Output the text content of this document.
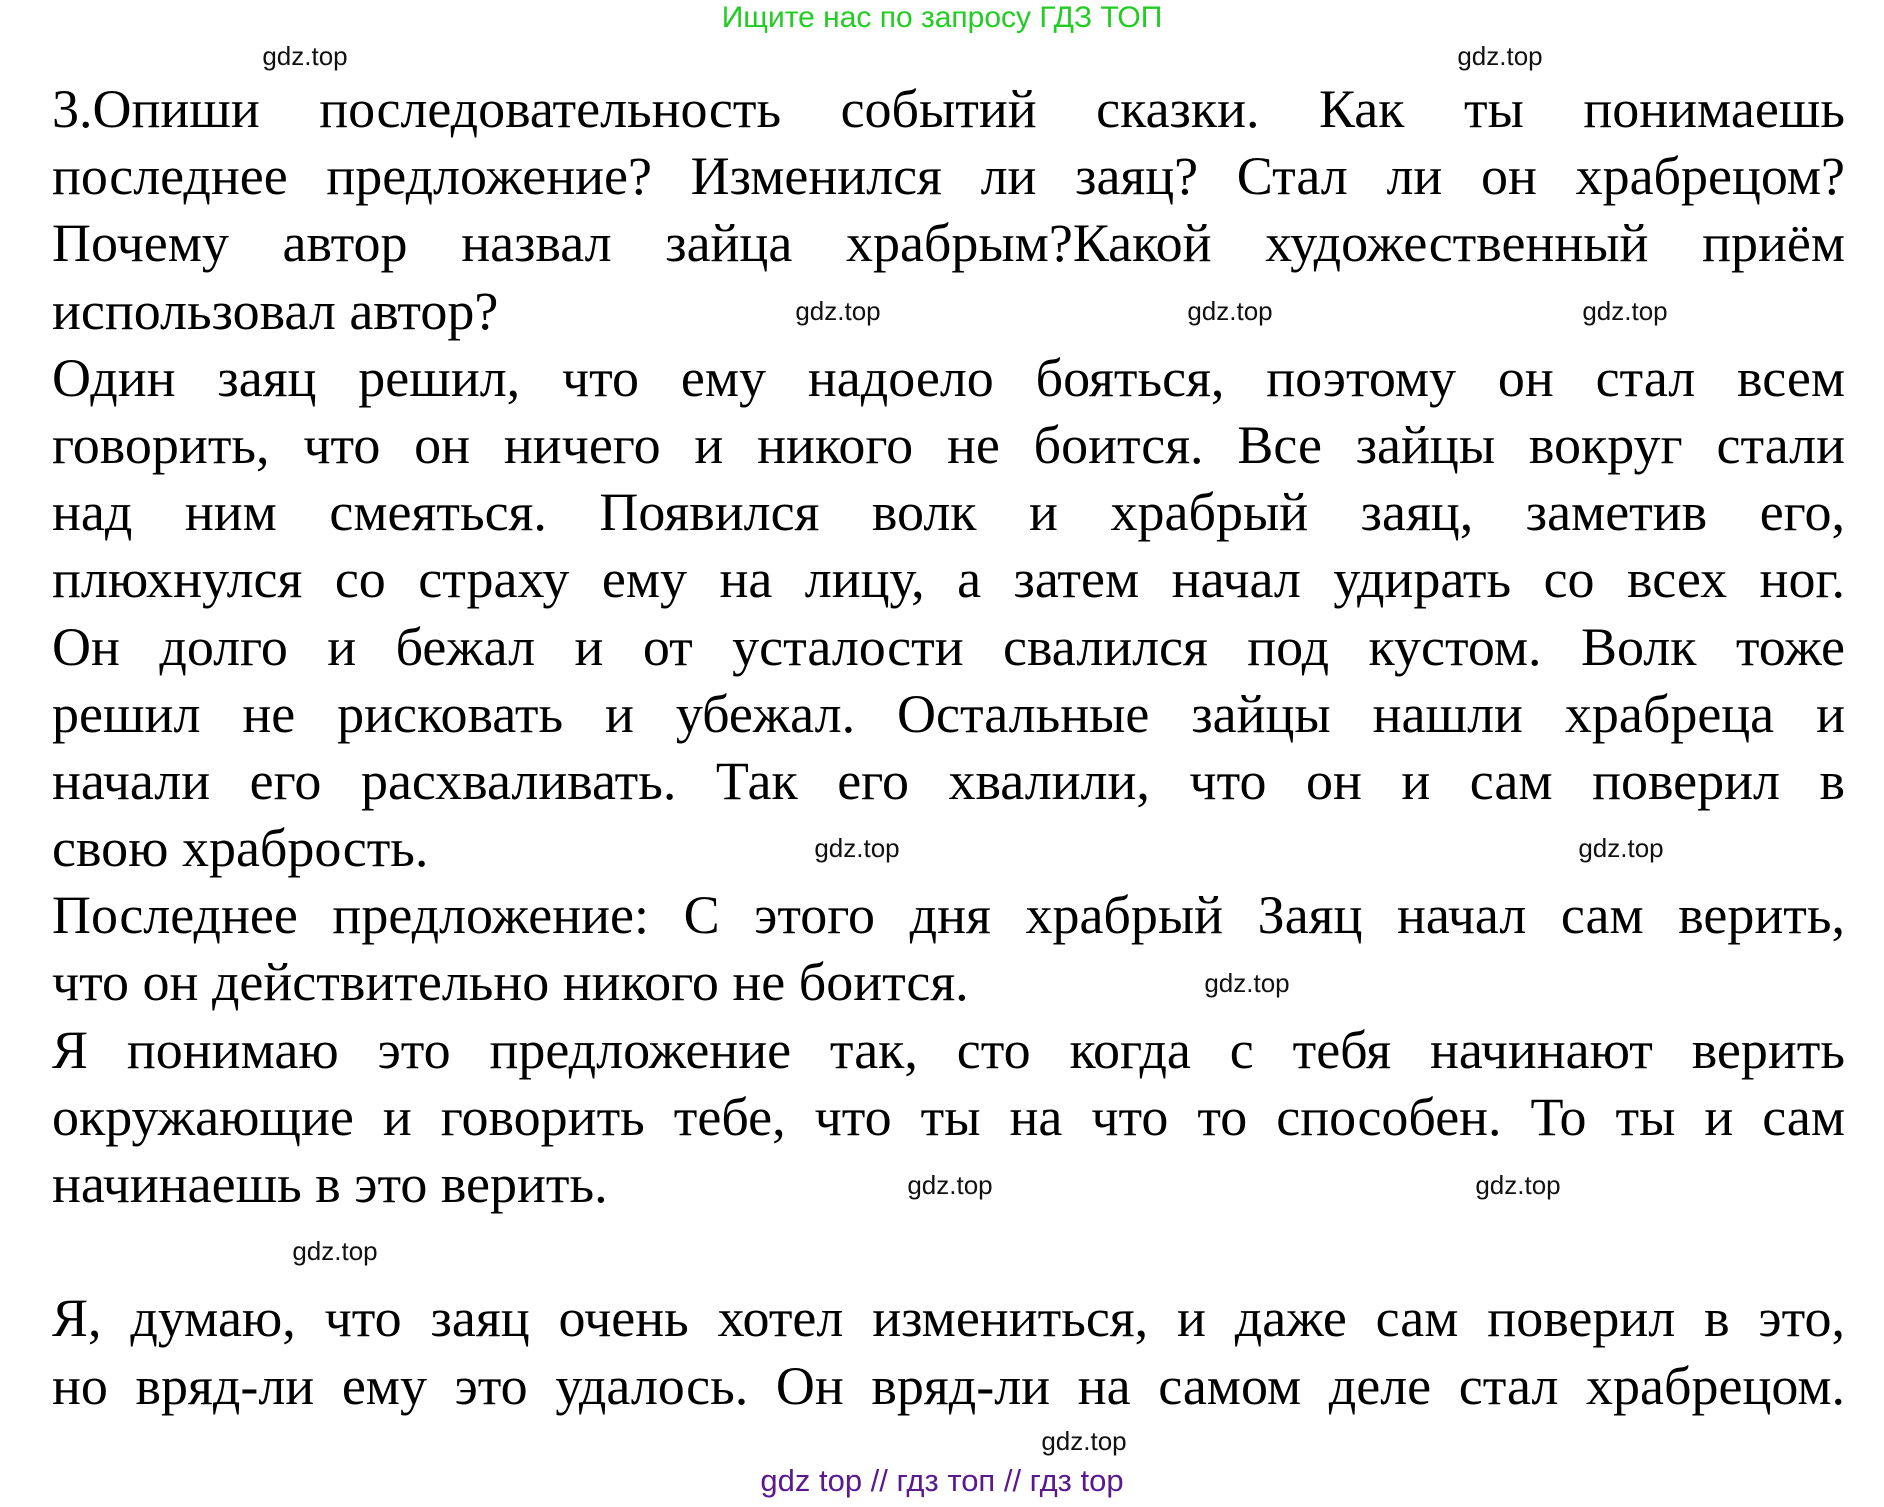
Ищите нас по запросу ГДЗ ТОП
3.Опиши последовательность событий сказки. Как ты понимаешь
последнее предложение? Изменился ли заяц? Стал ли он храбрецом?
Почему автор назвал зайца храбрым?Какой художественный приём
использовал автор?
Один заяц решил, что ему надоело бояться, поэтому он стал всем
говорить, что он ничего и никого не боится. Все зайцы вокруг стали
над ним смеяться. Появился волк и храбрый заяц, заметив его,
плюхнулся со страху ему на лицу, а затем начал удирать со всех ног.
Он долго и бежал и от усталости свалился под кустом. Волк тоже
решил не рисковать и убежал. Остальные зайцы нашли храбреца и
начали его расхваливать. Так его хвалили, что он и сам поверил в
свою храбрость.
Последнее предложение: С этого дня храбрый Заяц начал сам верить,
что он действительно никого не боится.
Я понимаю это предложение так, сто когда с тебя начинают верить
окружающие и говорить тебе, что ты на что то способен. То ты и сам
начинаешь в это верить.
Я, думаю, что заяц очень хотел измениться, и даже сам поверил в это,
но вряд-ли ему это удалось. Он вряд-ли на самом деле стал храбрецом.
gdz.top	gdz.top
gdz.top	gdz.top
gdz.top
gdz.top
gdz.top
gdz.top
gdz.top
gdz.top
gdz.top
gdz.top
gdz top // гдз топ // гдз top
